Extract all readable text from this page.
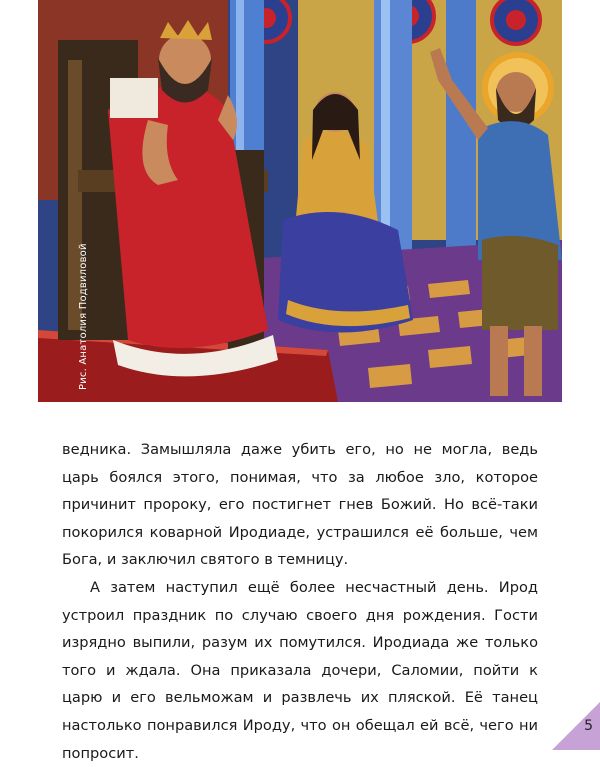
Рис. Анатолия Подвиловой

ведника. Замышляла даже убить его, но не могла, ведь царь боялся этого, понимая, что за любое зло, которое причинит пророку, его постигнет гнев Божий. Но всё-таки покорился коварной Иродиаде, устрашился её больше, чем Бога, и заключил святого в темницу.

А затем наступил ещё более несчастный день. Ирод устроил праздник по случаю своего дня рождения. Гости изрядно выпили, разум их помутился. Иродиада же только того и ждала. Она приказала дочери, Саломии, пойти к царю и его вельможам и развлечь их пляской. Её танец настолько понравился Ироду, что он обещал ей всё, чего ни попросит.

5
